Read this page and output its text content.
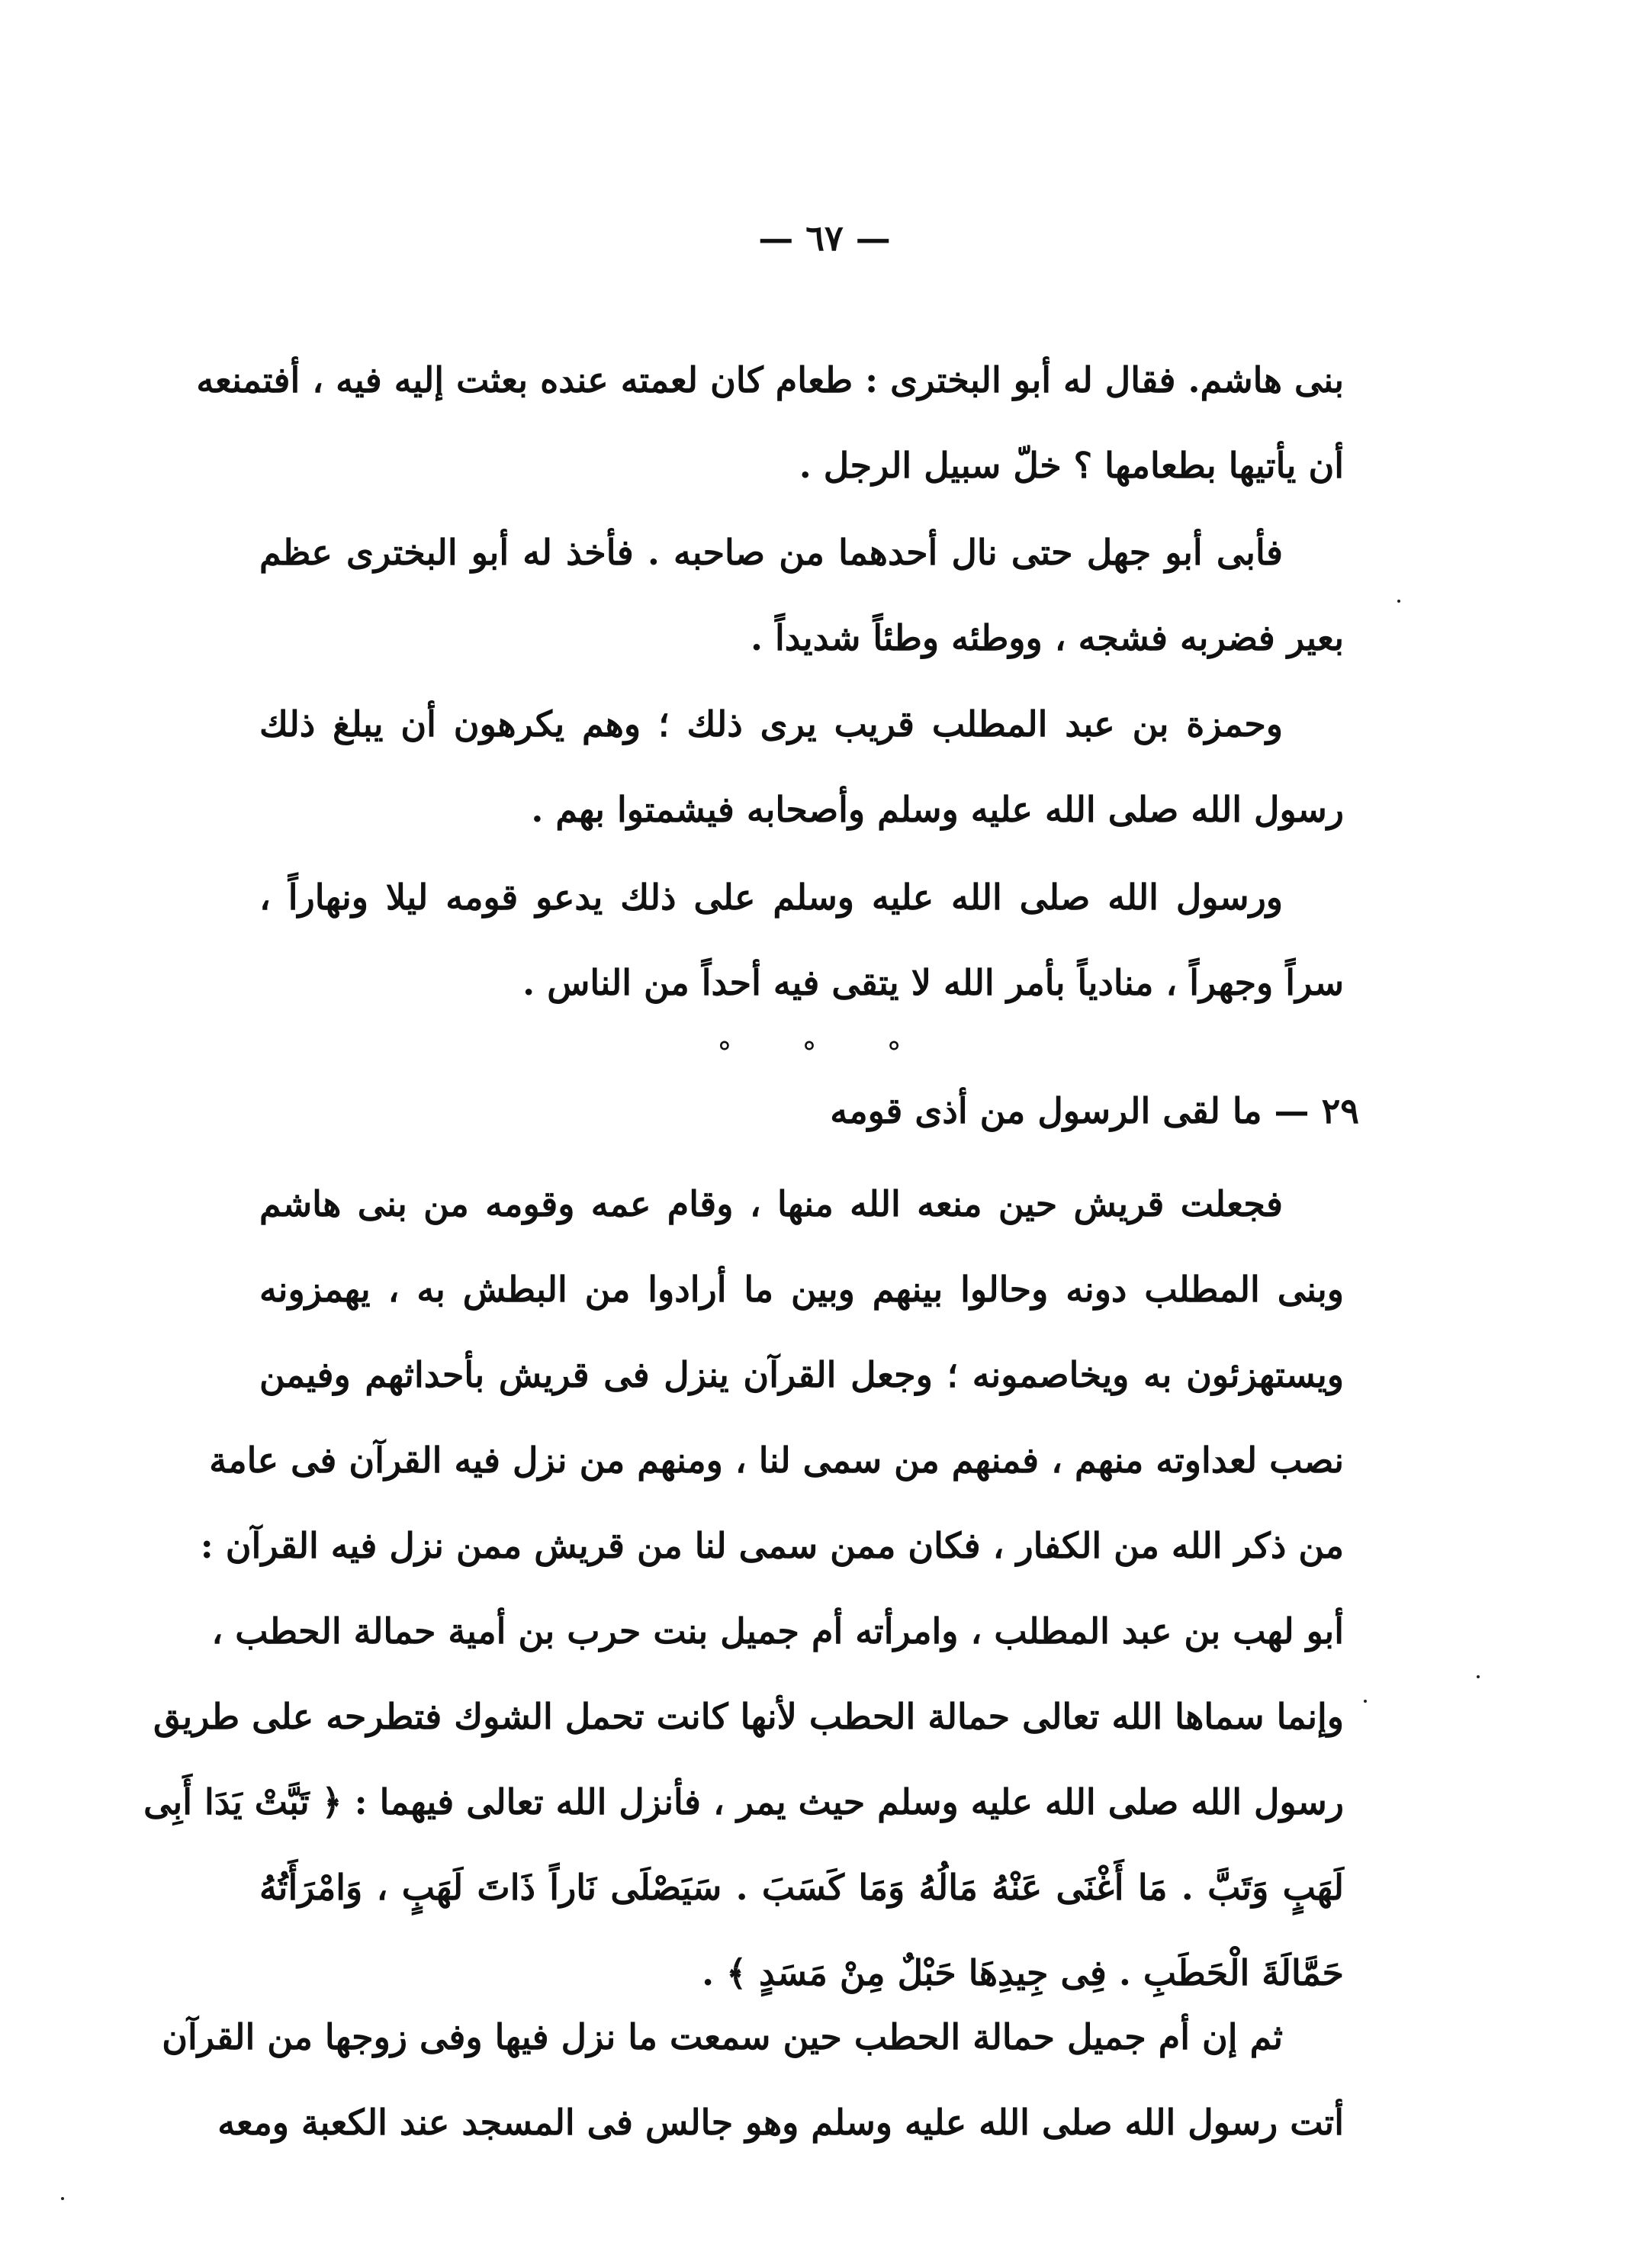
— ٦٧ —
بنى هاشم. فقال له أبو البخترى : طعام كان لعمته عنده بعثت إليه فيه ، أفتمنعه
أن يأتيها بطعامها ؟ خلّ سبيل الرجل .
فأبى أبو جهل حتى نال أحدهما من صاحبه . فأخذ له أبو البخترى عظم
بعير فضربه فشجه ، ووطئه وطئاً شديداً .
وحمزة بن عبد المطلب قريب يرى ذلك ؛ وهم يكرهون أن يبلغ ذلك
رسول الله صلى الله عليه وسلم وأصحابه فيشمتوا بهم .
ورسول الله صلى الله عليه وسلم على ذلك يدعو قومه ليلا ونهاراً ،
سراً وجهراً ، منادياً بأمر الله لا يتقى فيه أحداً من الناس .
° ° °
٢٩ — ما لقى الرسول من أذى قومه
فجعلت قريش حين منعه الله منها ، وقام عمه وقومه من بنى هاشم
وبنى المطلب دونه وحالوا بينهم وبين ما أرادوا من البطش به ، يهمزونه
ويستهزئون به ويخاصمونه ؛ وجعل القرآن ينزل فى قريش بأحداثهم وفيمن
نصب لعداوته منهم ، فمنهم من سمى لنا ، ومنهم من نزل فيه القرآن فى عامة
من ذكر الله من الكفار ، فكان ممن سمى لنا من قريش ممن نزل فيه القرآن :
أبو لهب بن عبد المطلب ، وامرأته أم جميل بنت حرب بن أمية حمالة الحطب ،
وإنما سماها الله تعالى حمالة الحطب لأنها كانت تحمل الشوك فتطرحه على طريق
رسول الله صلى الله عليه وسلم حيث يمر ، فأنزل الله تعالى فيهما : ﴿ تَبَّتْ يَدَا أَبِى
لَهَبٍ وَتَبَّ . مَا أَغْنَى عَنْهُ مَالُهُ وَمَا كَسَبَ . سَيَصْلَى نَاراً ذَاتَ لَهَبٍ ، وَامْرَأَتُهُ
حَمَّالَةَ الْحَطَبِ . فِى جِيدِهَا حَبْلٌ مِنْ مَسَدٍ ﴾ .
ثم إن أم جميل حمالة الحطب حين سمعت ما نزل فيها وفى زوجها من القرآن
أتت رسول الله صلى الله عليه وسلم وهو جالس فى المسجد عند الكعبة ومعه
